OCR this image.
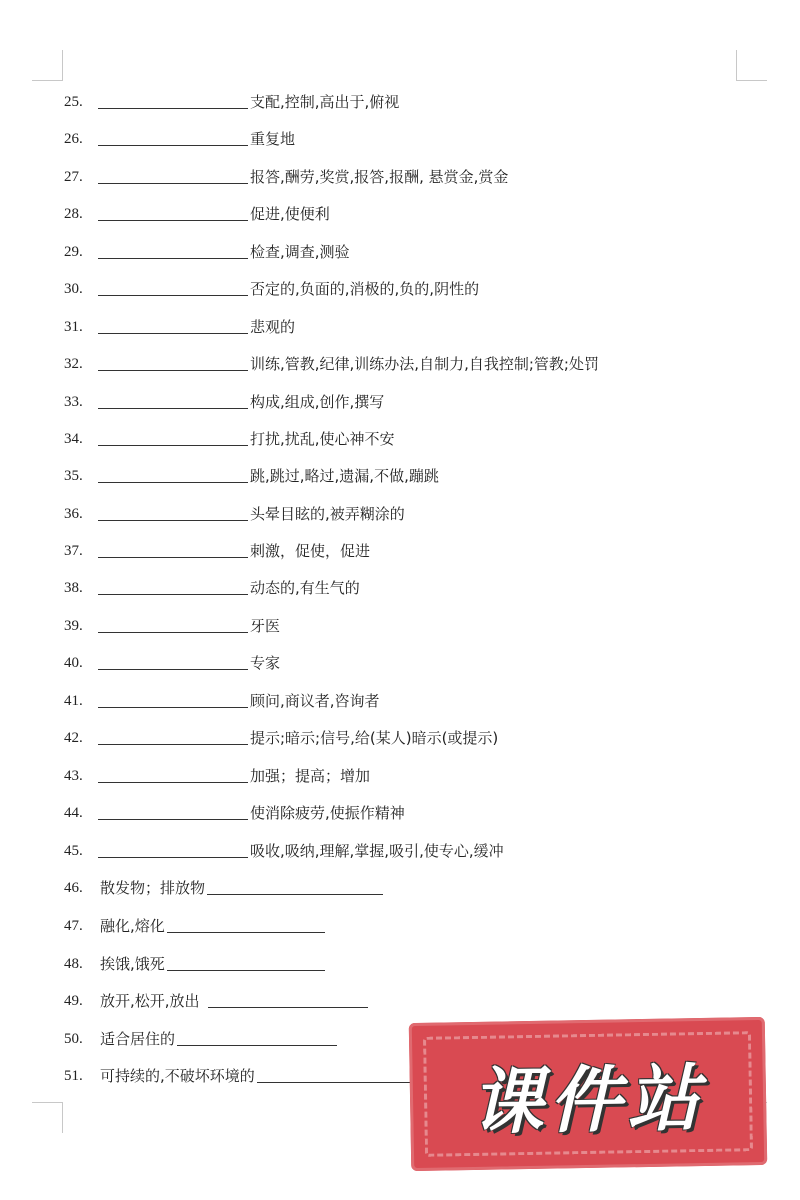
25.	支配,控制,高出于,俯视
26.	重复地
27.	报答,酬劳,奖赏,报答,报酬, 悬赏金,赏金
28.	促进,使便利
29.	检查,调查,测验
30.	否定的,负面的,消极的,负的,阴性的
31.	悲观的
32.	训练,管教,纪律,训练办法,自制力,自我控制;管教;处罚
33.	构成,组成,创作,撰写
34.	打扰,扰乱,使心神不安
35.	跳,跳过,略过,遗漏,不做,蹦跳
36.	头晕目眩的,被弄糊涂的
37.	刺激，促使，促进
38.	动态的,有生气的
39.	牙医
40.	专家
41.	顾问,商议者,咨询者
42.	提示;暗示;信号,给(某人)暗示(或提示)
43.	加强；提高；增加
44.	使消除疲劳,使振作精神
45.	吸收,吸纳,理解,掌握,吸引,使专心,缓冲
46.	散发物；排放物
47.	融化,熔化
48.	挨饿,饿死
49.	放开,松开,放出
50.	适合居住的
51.	可持续的,不破坏环境的	课件站
